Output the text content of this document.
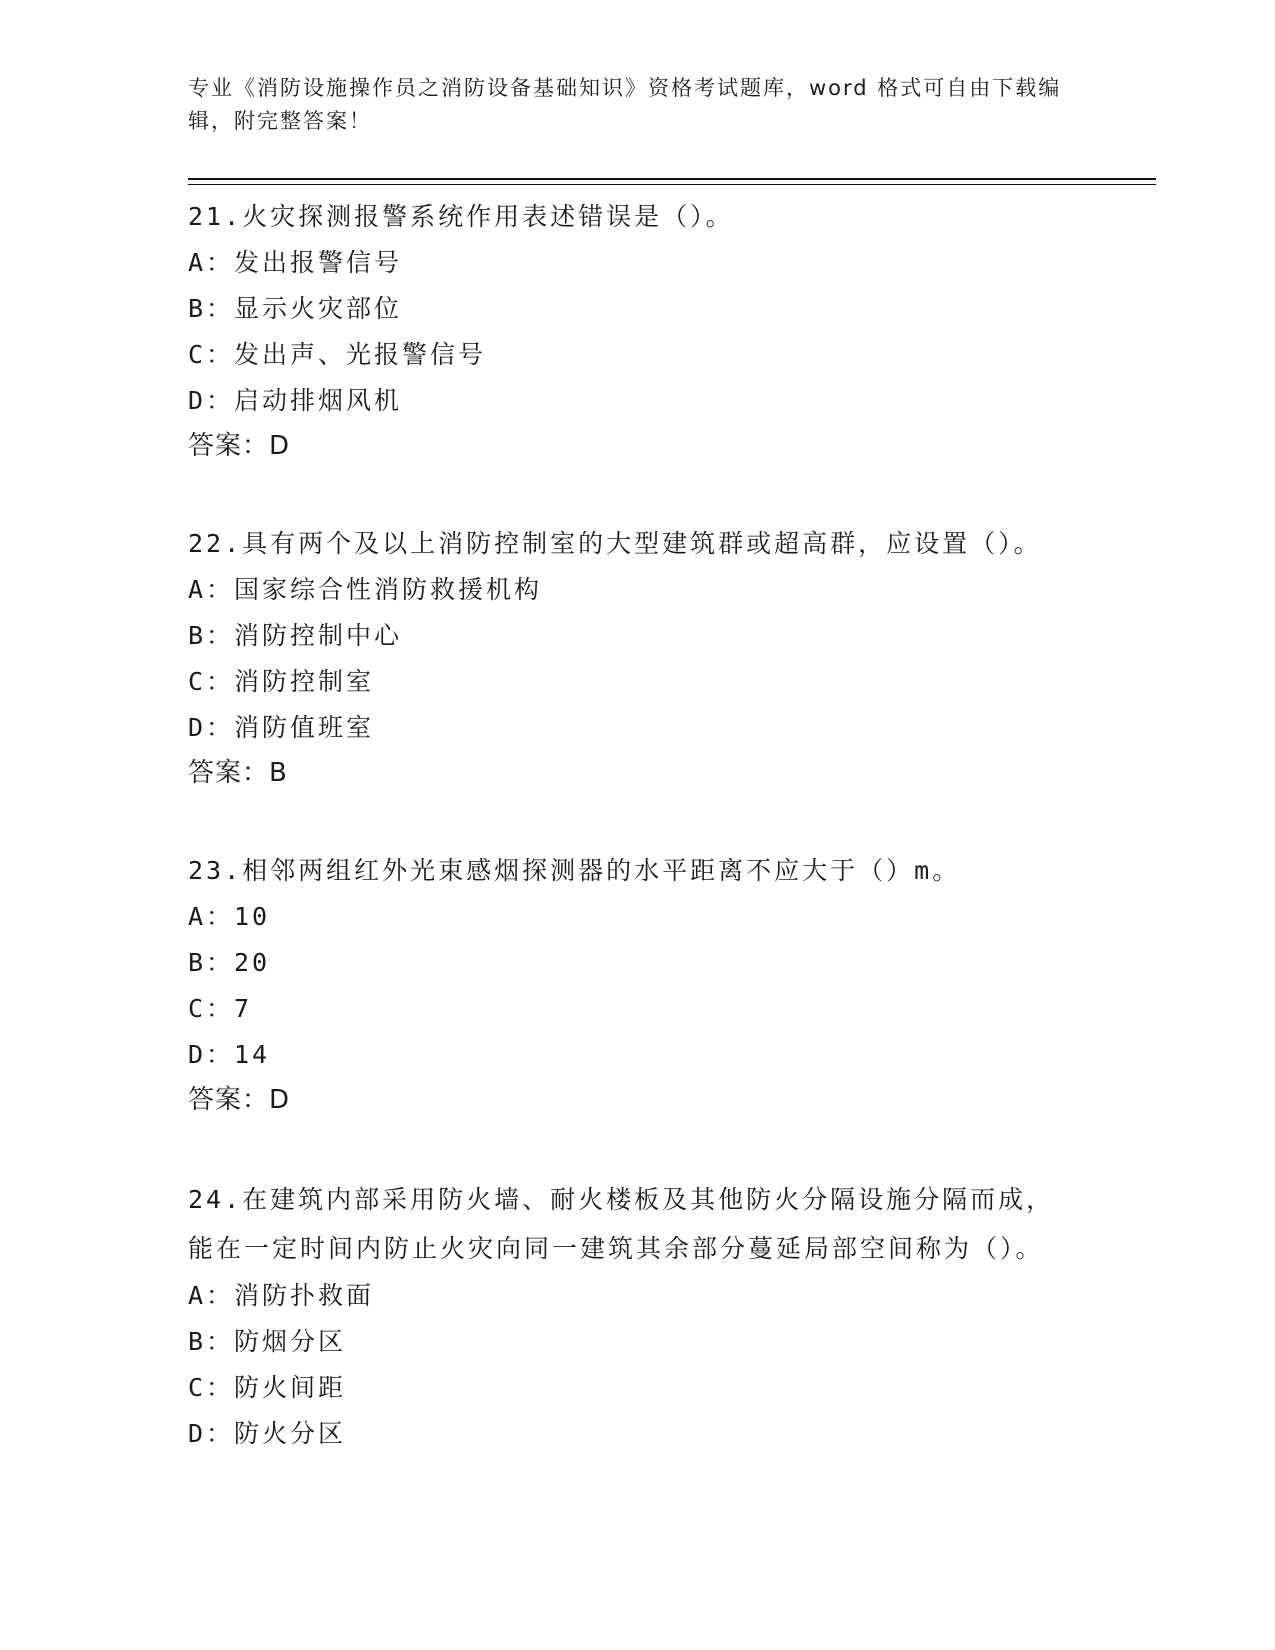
专业《消防设施操作员之消防设备基础知识》资格考试题库，word 格式可自由下载编辑，附完整答案！
21.火灾探测报警系统作用表述错误是（）。
A：发出报警信号
B：显示火灾部位
C：发出声、光报警信号
D：启动排烟风机
答案：D
22.具有两个及以上消防控制室的大型建筑群或超高群，应设置（）。
A：国家综合性消防救援机构
B：消防控制中心
C：消防控制室
D：消防值班室
答案：B
23.相邻两组红外光束感烟探测器的水平距离不应大于（）m。
A：10
B：20
C：7
D：14
答案：D
24.在建筑内部采用防火墙、耐火楼板及其他防火分隔设施分隔而成，能在一定时间内防止火灾向同一建筑其余部分蔓延局部空间称为（）。
A：消防扑救面
B：防烟分区
C：防火间距
D：防火分区
